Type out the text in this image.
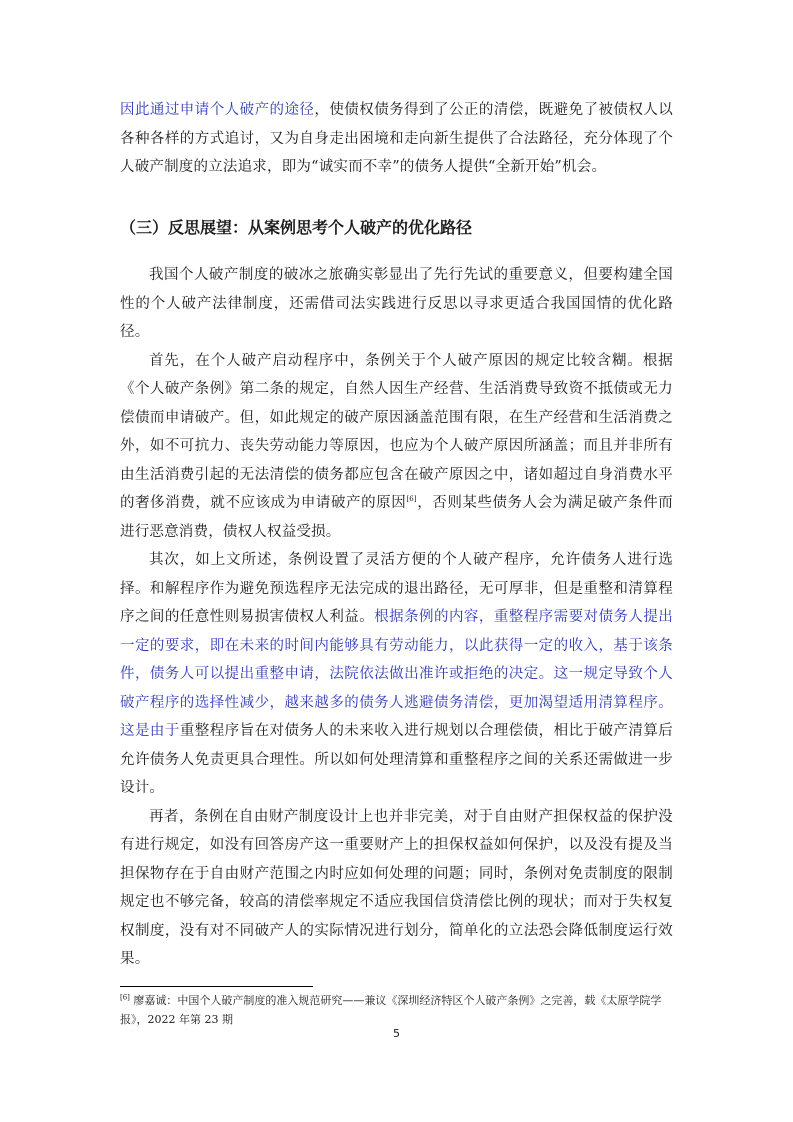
因此通过申请个人破产的途径，使债权债务得到了公正的清偿，既避免了被债权人以各种各样的方式追讨，又为自身走出困境和走向新生提供了合法路径，充分体现了个人破产制度的立法追求，即为“诚实而不幸”的债务人提供“全新开始”机会。

（三）反思展望：从案例思考个人破产的优化路径

我国个人破产制度的破冰之旅确实彰显出了先行先试的重要意义，但要构建全国性的个人破产法律制度，还需借司法实践进行反思以寻求更适合我国国情的优化路径。

首先，在个人破产启动程序中，条例关于个人破产原因的规定比较含糊。根据《个人破产条例》第二条的规定，自然人因生产经营、生活消费导致资不抵债或无力偿债而申请破产。但，如此规定的破产原因涵盖范围有限，在生产经营和生活消费之外，如不可抗力、丧失劳动能力等原因，也应为个人破产原因所涵盖；而且并非所有由生活消费引起的无法清偿的债务都应包含在破产原因之中，诸如超过自身消费水平的奢侈消费，就不应该成为申请破产的原因[6]，否则某些债务人会为满足破产条件而进行恶意消费，债权人权益受损。

其次，如上文所述，条例设置了灵活方便的个人破产程序，允许债务人进行选择。和解程序作为避免预选程序无法完成的退出路径，无可厚非，但是重整和清算程序之间的任意性则易损害债权人利益。根据条例的内容，重整程序需要对债务人提出一定的要求，即在未来的时间内能够具有劳动能力，以此获得一定的收入，基于该条件，债务人可以提出重整申请，法院依法做出准许或拒绝的决定。这一规定导致个人破产程序的选择性减少，越来越多的债务人逃避债务清偿，更加渴望适用清算程序。这是由于重整程序旨在对债务人的未来收入进行规划以合理偿债，相比于破产清算后允许债务人免责更具合理性。所以如何处理清算和重整程序之间的关系还需做进一步设计。

再者，条例在自由财产制度设计上也并非完美，对于自由财产担保权益的保护没有进行规定，如没有回答房产这一重要财产上的担保权益如何保护，以及没有提及当担保物存在于自由财产范围之内时应如何处理的问题；同时，条例对免责制度的限制规定也不够完备，较高的清偿率规定不适应我国信贷清偿比例的现状；而对于失权复权制度，没有对不同破产人的实际情况进行划分，简单化的立法恐会降低制度运行效果。

[6] 廖嘉诚：中国个人破产制度的准入规范研究——兼议《深圳经济特区个人破产条例》之完善，载《太原学院学报》，2022 年第 23 期
5
